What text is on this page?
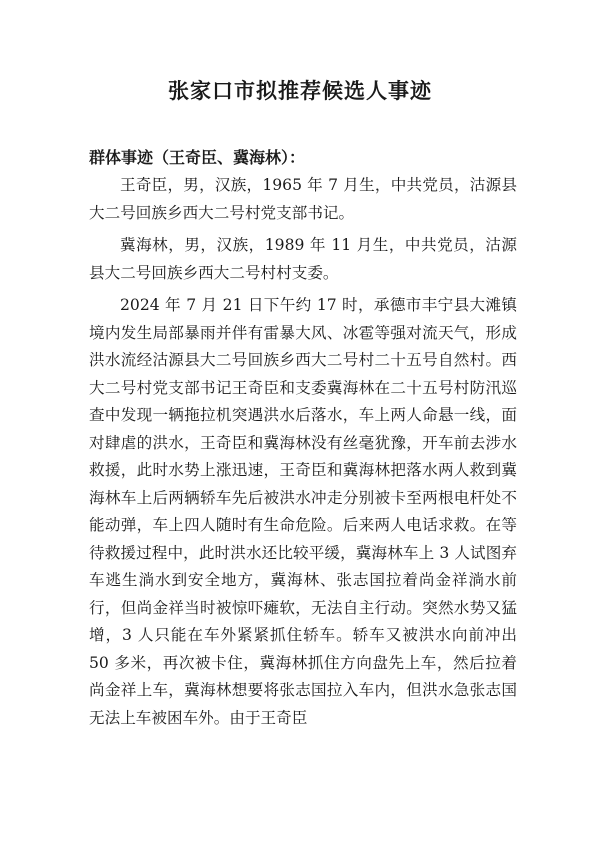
张家口市拟推荐候选人事迹

群体事迹（王奇臣、冀海林）：

王奇臣，男，汉族，1965 年 7 月生，中共党员，沽源县大二号回族乡西大二号村党支部书记。

冀海林，男，汉族，1989 年 11 月生，中共党员，沽源县大二号回族乡西大二号村村支委。

2024 年 7 月 21 日下午约 17 时，承德市丰宁县大滩镇境内发生局部暴雨并伴有雷暴大风、冰雹等强对流天气，形成洪水流经沽源县大二号回族乡西大二号村二十五号自然村。西大二号村党支部书记王奇臣和支委冀海林在二十五号村防汛巡查中发现一辆拖拉机突遇洪水后落水，车上两人命悬一线，面对肆虐的洪水，王奇臣和冀海林没有丝毫犹豫，开车前去涉水救援，此时水势上涨迅速，王奇臣和冀海林把落水两人救到冀海林车上后两辆轿车先后被洪水冲走分别被卡至两根电杆处不能动弹，车上四人随时有生命危险。后来两人电话求救。在等待救援过程中，此时洪水还比较平缓，冀海林车上 3 人试图弃车逃生淌水到安全地方，冀海林、张志国拉着尚金祥淌水前行，但尚金祥当时被惊吓瘫软，无法自主行动。突然水势又猛增，3 人只能在车外紧紧抓住轿车。轿车又被洪水向前冲出 50 多米，再次被卡住，冀海林抓住方向盘先上车，然后拉着尚金祥上车，冀海林想要将张志国拉入车内，但洪水急张志国无法上车被困车外。由于王奇臣
